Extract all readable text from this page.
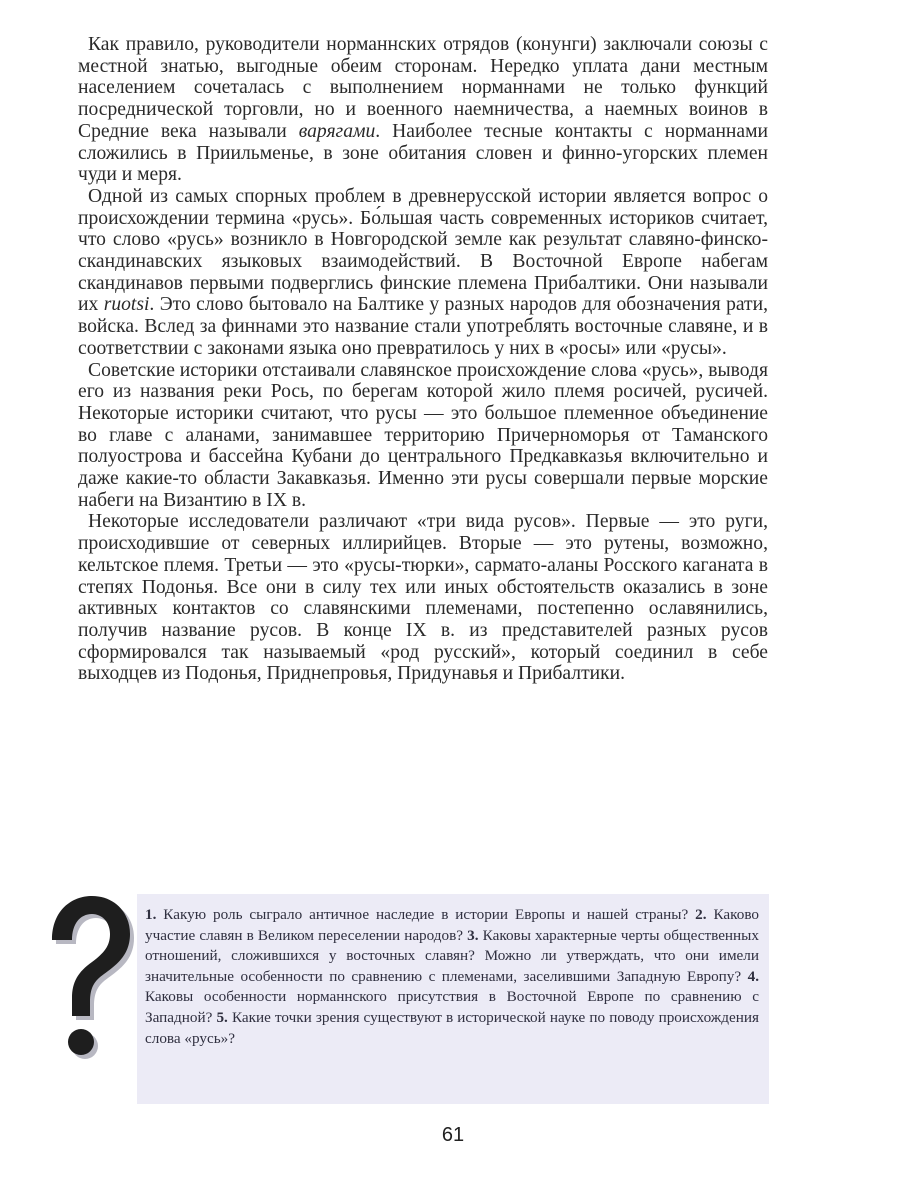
Как правило, руководители норманнских отрядов (конунги) заключали союзы с местной знатью, выгодные обеим сторонам. Нередко уплата дани местным населением сочеталась с выполнением норманнами не только функций посреднической торговли, но и военного наемничества, а наемных воинов в Средние века называли варягами. Наиболее тесные контакты с норманнами сложились в Приильменье, в зоне обитания словен и финно-угорских племен чуди и меря.

Одной из самых спорных проблем в древнерусской истории является вопрос о происхождении термина «русь». Бо́льшая часть современных историков считает, что слово «русь» возникло в Новгородской земле как результат славяно-финско-скандинавских языковых взаимодействий. В Восточной Европе набегам скандинавов первыми подверглись финские племена Прибалтики. Они называли их ruotsi. Это слово бытовало на Балтике у разных народов для обозначения рати, войска. Вслед за финнами это название стали употреблять восточные славяне, и в соответствии с законами языка оно превратилось у них в «росы» или «русы».

Советские историки отстаивали славянское происхождение слова «русь», выводя его из названия реки Рось, по берегам которой жило племя росичей, русичей. Некоторые историки считают, что русы — это большое племенное объединение во главе с аланами, занимавшее территорию Причерноморья от Таманского полуострова и бассейна Кубани до центрального Предкавказья включительно и даже какие-то области Закавказья. Именно эти русы совершали первые морские набеги на Византию в IX в.

Некоторые исследователи различают «три вида русов». Первые — это руги, происходившие от северных иллирийцев. Вторые — это рутены, возможно, кельтское племя. Третьи — это «русы-тюрки», сарматo-аланы Росского каганата в степях Подонья. Все они в силу тех или иных обстоятельств оказались в зоне активных контактов со славянскими племенами, постепенно ославянились, получив название русов. В конце IX в. из представителей разных русов сформировался так называемый «род русский», который соединил в себе выходцев из Подонья, Приднепровья, Придунавья и Прибалтики.

1. Какую роль сыграло античное наследие в истории Европы и нашей страны? 2. Каково участие славян в Великом переселении народов? 3. Каковы характерные черты общественных отношений, сложившихся у восточных славян? Можно ли утверждать, что они имели значительные особенности по сравнению с племенами, заселившими Западную Европу? 4. Каковы особенности норманнского присутствия в Восточной Европе по сравнению с Западной? 5. Какие точки зрения существуют в исторической науке по поводу происхождения слова «русь»?
61
